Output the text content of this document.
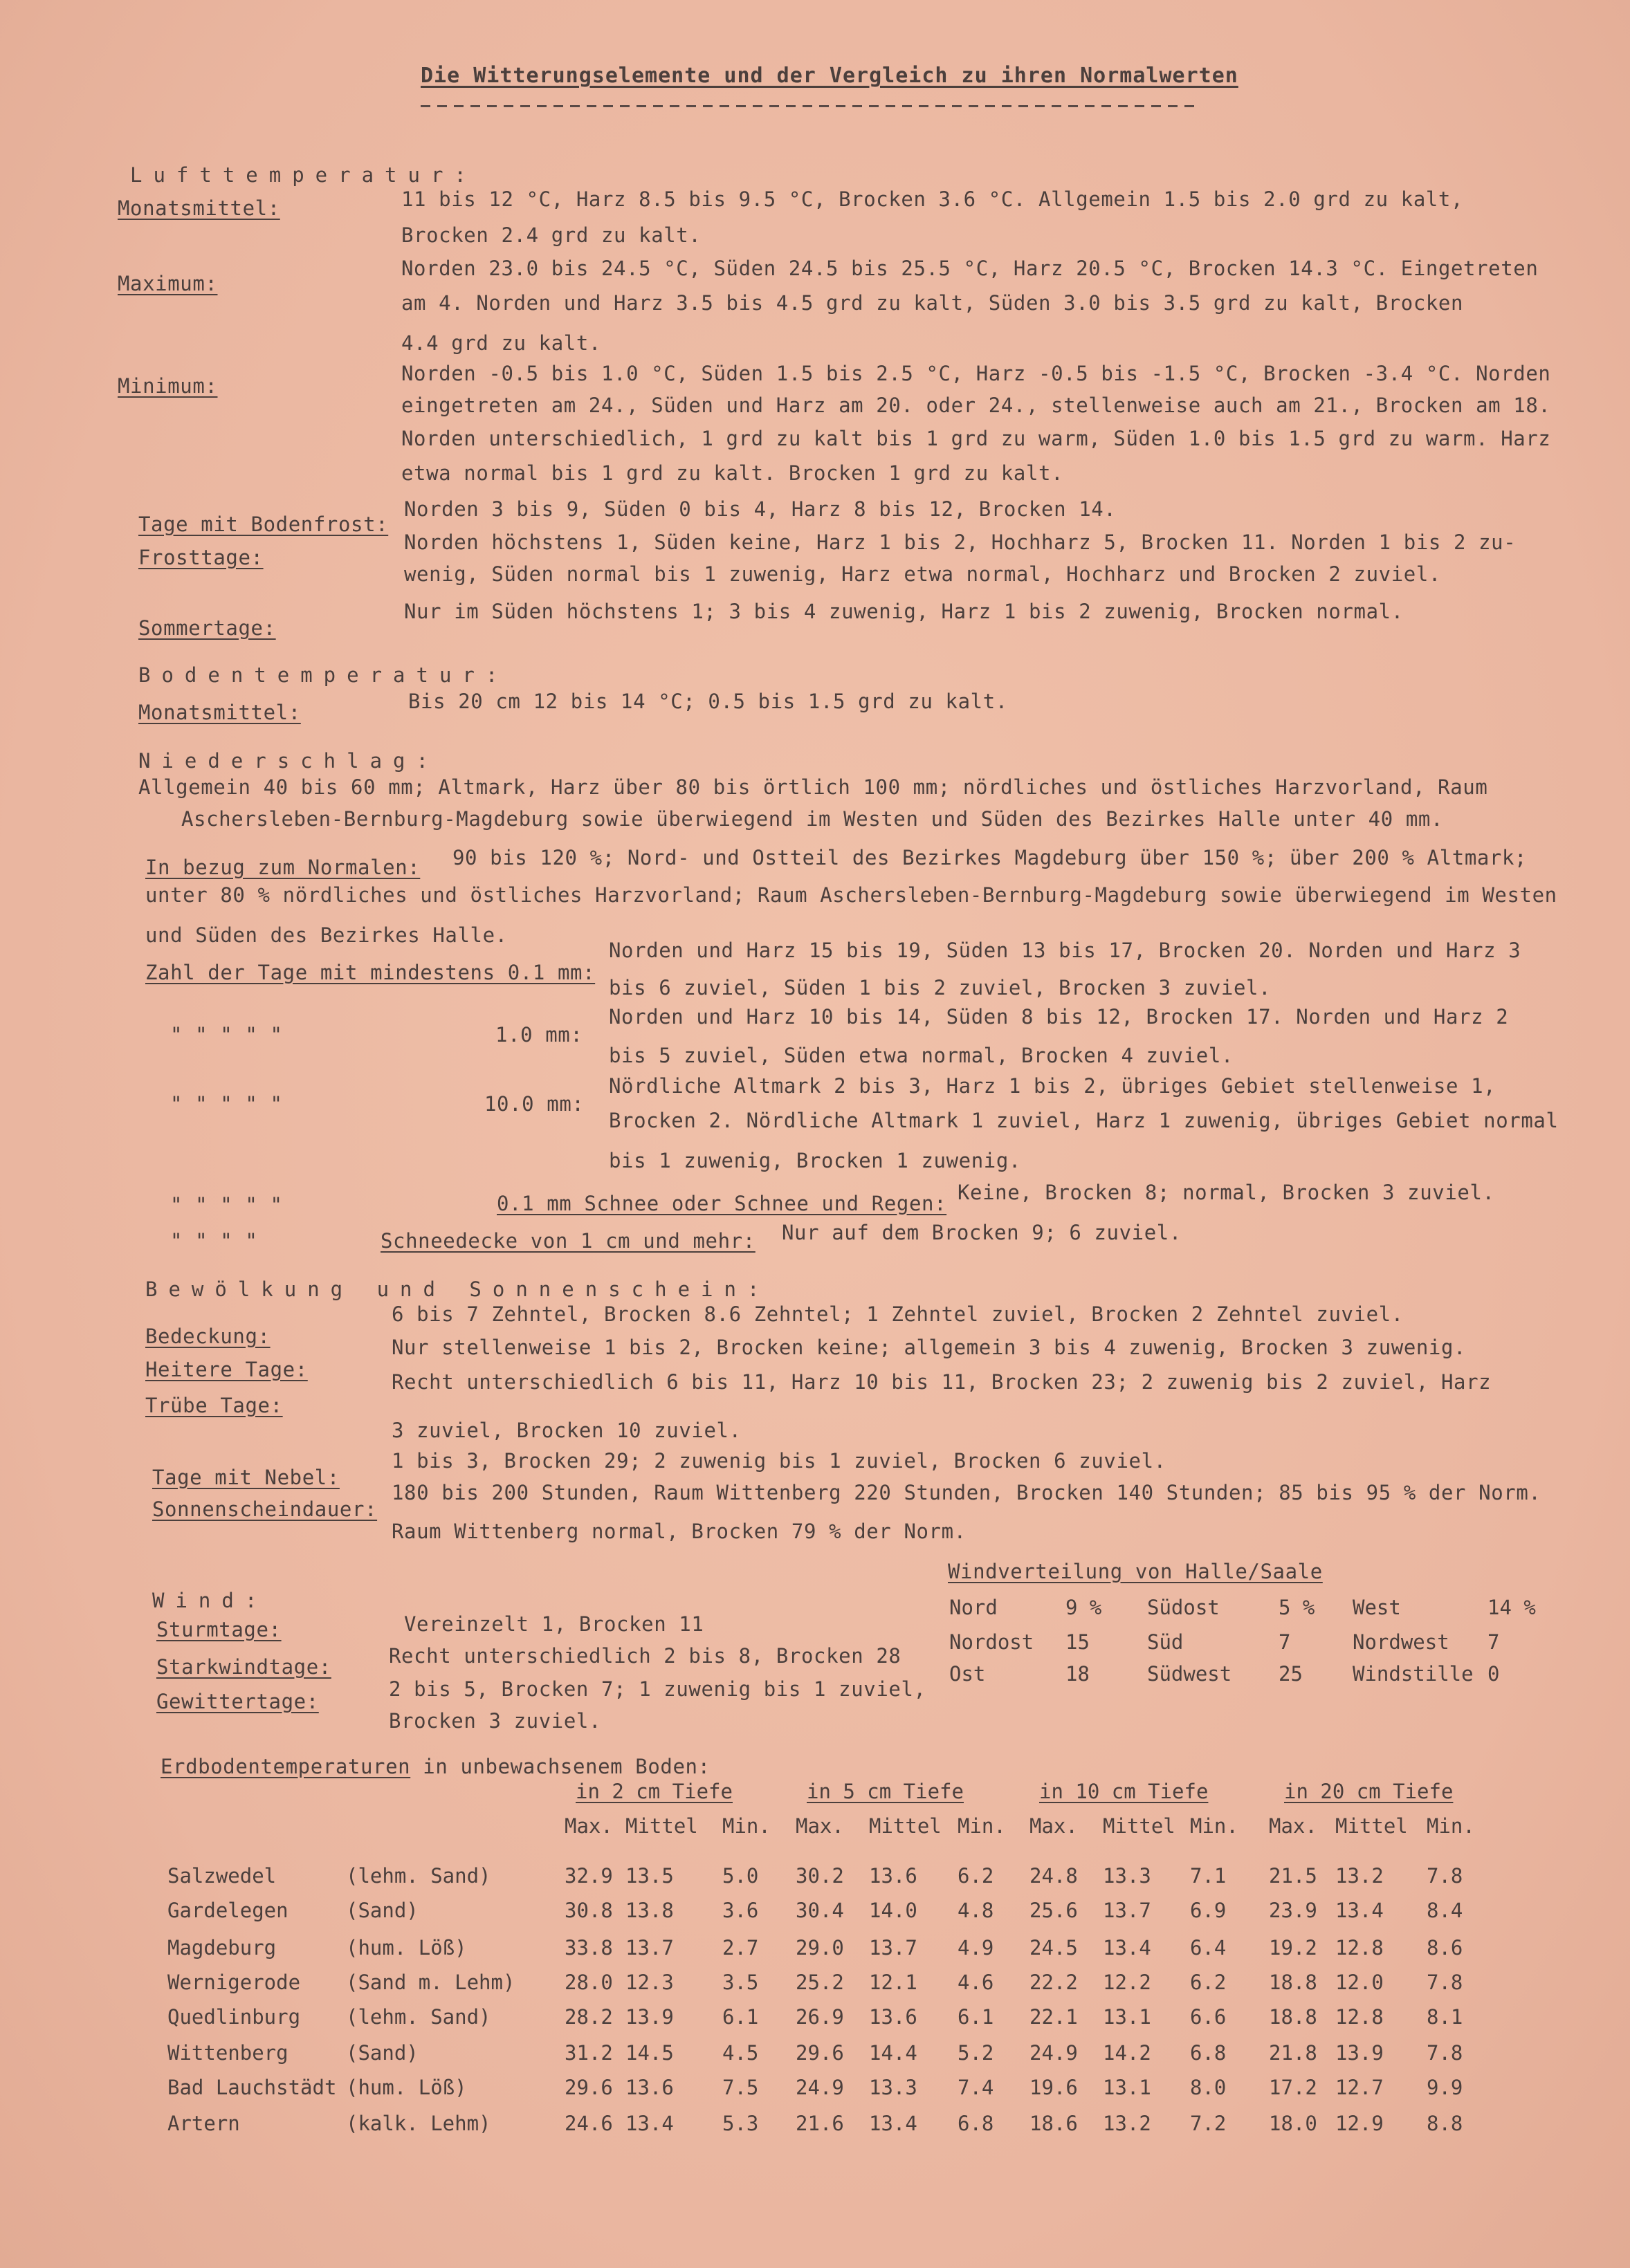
Die Witterungselemente und der Vergleich zu ihren Normalwerten
Lufttemperatur:
Monatsmittel:	11 bis 12 °C, Harz 8.5 bis 9.5 °C, Brocken 3.6 °C. Allgemein 1.5 bis 2.0 grd zu kalt,
Brocken 2.4 grd zu kalt.
Maximum:
Norden 23.0 bis 24.5 °C, Süden 24.5 bis 25.5 °C, Harz 20.5 °C, Brocken 14.3 °C. Eingetreten
am 4. Norden und Harz 3.5 bis 4.5 grd zu kalt, Süden 3.0 bis 3.5 grd zu kalt, Brocken
4.4 grd zu kalt.
Minimum:
Norden -0.5 bis 1.0 °C, Süden 1.5 bis 2.5 °C, Harz -0.5 bis -1.5 °C, Brocken -3.4 °C. Norden
eingetreten am 24., Süden und Harz am 20. oder 24., stellenweise auch am 21., Brocken am 18.
Norden unterschiedlich, 1 grd zu kalt bis 1 grd zu warm, Süden 1.0 bis 1.5 grd zu warm. Harz
etwa normal bis 1 grd zu kalt. Brocken 1 grd zu kalt.
Tage mit Bodenfrost:
Norden 3 bis 9, Süden 0 bis 4, Harz 8 bis 12, Brocken 14.
Frosttage:
Norden höchstens 1, Süden keine, Harz 1 bis 2, Hochharz 5, Brocken 11. Norden 1 bis 2 zu-
wenig, Süden normal bis 1 zuwenig, Harz etwa normal, Hochharz und Brocken 2 zuviel.
Sommertage:
Nur im Süden höchstens 1; 3 bis 4 zuwenig, Harz 1 bis 2 zuwenig, Brocken normal.
Bodentemperatur:
Monatsmittel:	Bis 20 cm 12 bis 14 °C; 0.5 bis 1.5 grd zu kalt.
Niederschlag:
Allgemein 40 bis 60 mm; Altmark, Harz über 80 bis örtlich 100 mm; nördliches und östliches Harzvorland, Raum
Aschersleben-Bernburg-Magdeburg sowie überwiegend im Westen und Süden des Bezirkes Halle unter 40 mm.
In bezug zum Normalen: 90 bis 120 %; Nord- und Ostteil des Bezirkes Magdeburg über 150 %; über 200 % Altmark;
unter 80 % nördliches und östliches Harzvorland; Raum Aschersleben-Bernburg-Magdeburg sowie überwiegend im Westen
und Süden des Bezirkes Halle.
Zahl der Tage mit mindestens 0.1 mm:
Norden und Harz 15 bis 19, Süden 13 bis 17, Brocken 20. Norden und Harz 3
bis 6 zuviel, Süden 1 bis 2 zuviel, Brocken 3 zuviel.
" " " " "	1.0 mm:
Norden und Harz 10 bis 14, Süden 8 bis 12, Brocken 17. Norden und Harz 2
bis 5 zuviel, Süden etwa normal, Brocken 4 zuviel.
" " " " "	10.0 mm:
Nördliche Altmark 2 bis 3, Harz 1 bis 2, übriges Gebiet stellenweise 1,
Brocken 2. Nördliche Altmark 1 zuviel, Harz 1 zuwenig, übriges Gebiet normal
bis 1 zuwenig, Brocken 1 zuwenig.
" " " " "	0.1 mm Schnee oder Schnee und Regen: Keine, Brocken 8; normal, Brocken 3 zuviel.
" " " "	Schneedecke von 1 cm und mehr: Nur auf dem Brocken 9; 6 zuviel.
Bewölkung und Sonnenschein:
Bedeckung:
6 bis 7 Zehntel, Brocken 8.6 Zehntel; 1 Zehntel zuviel, Brocken 2 Zehntel zuviel.
Heitere Tage:
Nur stellenweise 1 bis 2, Brocken keine; allgemein 3 bis 4 zuwenig, Brocken 3 zuwenig.
Trübe Tage:
Recht unterschiedlich 6 bis 11, Harz 10 bis 11, Brocken 23; 2 zuwenig bis 2 zuviel, Harz
3 zuviel, Brocken 10 zuviel.
Tage mit Nebel:
1 bis 3, Brocken 29; 2 zuwenig bis 1 zuviel, Brocken 6 zuviel.
Sonnenscheindauer:
180 bis 200 Stunden, Raum Wittenberg 220 Stunden, Brocken 140 Stunden; 85 bis 95 % der Norm.
Raum Wittenberg normal, Brocken 79 % der Norm.
Wind:
Sturmtage:	Vereinzelt 1, Brocken 11
Starkwindtage:	Recht unterschiedlich 2 bis 8, Brocken 28
Gewittertage:
2 bis 5, Brocken 7; 1 zuwenig bis 1 zuviel,
Brocken 3 zuviel.
Windverteilung von Halle/Saale
Nord	9 % Südost	5 % West	14 %
Nordost 15	Süd	7	Nordwest 7
Ost	18	Südwest 25 Windstille 0
Erdbodentemperaturen in unbewachsenem Boden:
in 2 cm Tiefe	in 5 cm Tiefe	in 10 cm Tiefe	in 20 cm Tiefe
Max. Mittel Min. Max. Mittel Min. Max. Mittel Min. Max. Mittel Min.
Salzwedel	(lehm. Sand)	32.9 13.5 5.0 30.2 13.6 6.2 24.8 13.3 7.1 21.5 13.2 7.8
Gardelegen	(Sand)	30.8 13.8 3.6 30.4 14.0 4.8 25.6 13.7 6.9 23.9 13.4 8.4
Magdeburg	(hum. Löß)	33.8 13.7 2.7 29.0 13.7 4.9 24.5 13.4 6.4 19.2 12.8 8.6
Wernigerode (Sand m. Lehm) 28.0 12.3 3.5 25.2 12.1 4.6 22.2 12.2 6.2 18.8 12.0 7.8
Quedlinburg (lehm. Sand)	28.2 13.9 6.1 26.9 13.6 6.1 22.1 13.1 6.6 18.8 12.8 8.1
Wittenberg	(Sand)	31.2 14.5 4.5 29.6 14.4 5.2 24.9 14.2 6.8 21.8 13.9 7.8
Bad Lauchstädt (hum. Löß)	29.6 13.6 7.5 24.9 13.3 7.4 19.6 13.1 8.0 17.2 12.7 9.9
Artern	(kalk. Lehm)	24.6 13.4 5.3 21.6 13.4 6.8 18.6 13.2 7.2 18.0 12.9 8.8
